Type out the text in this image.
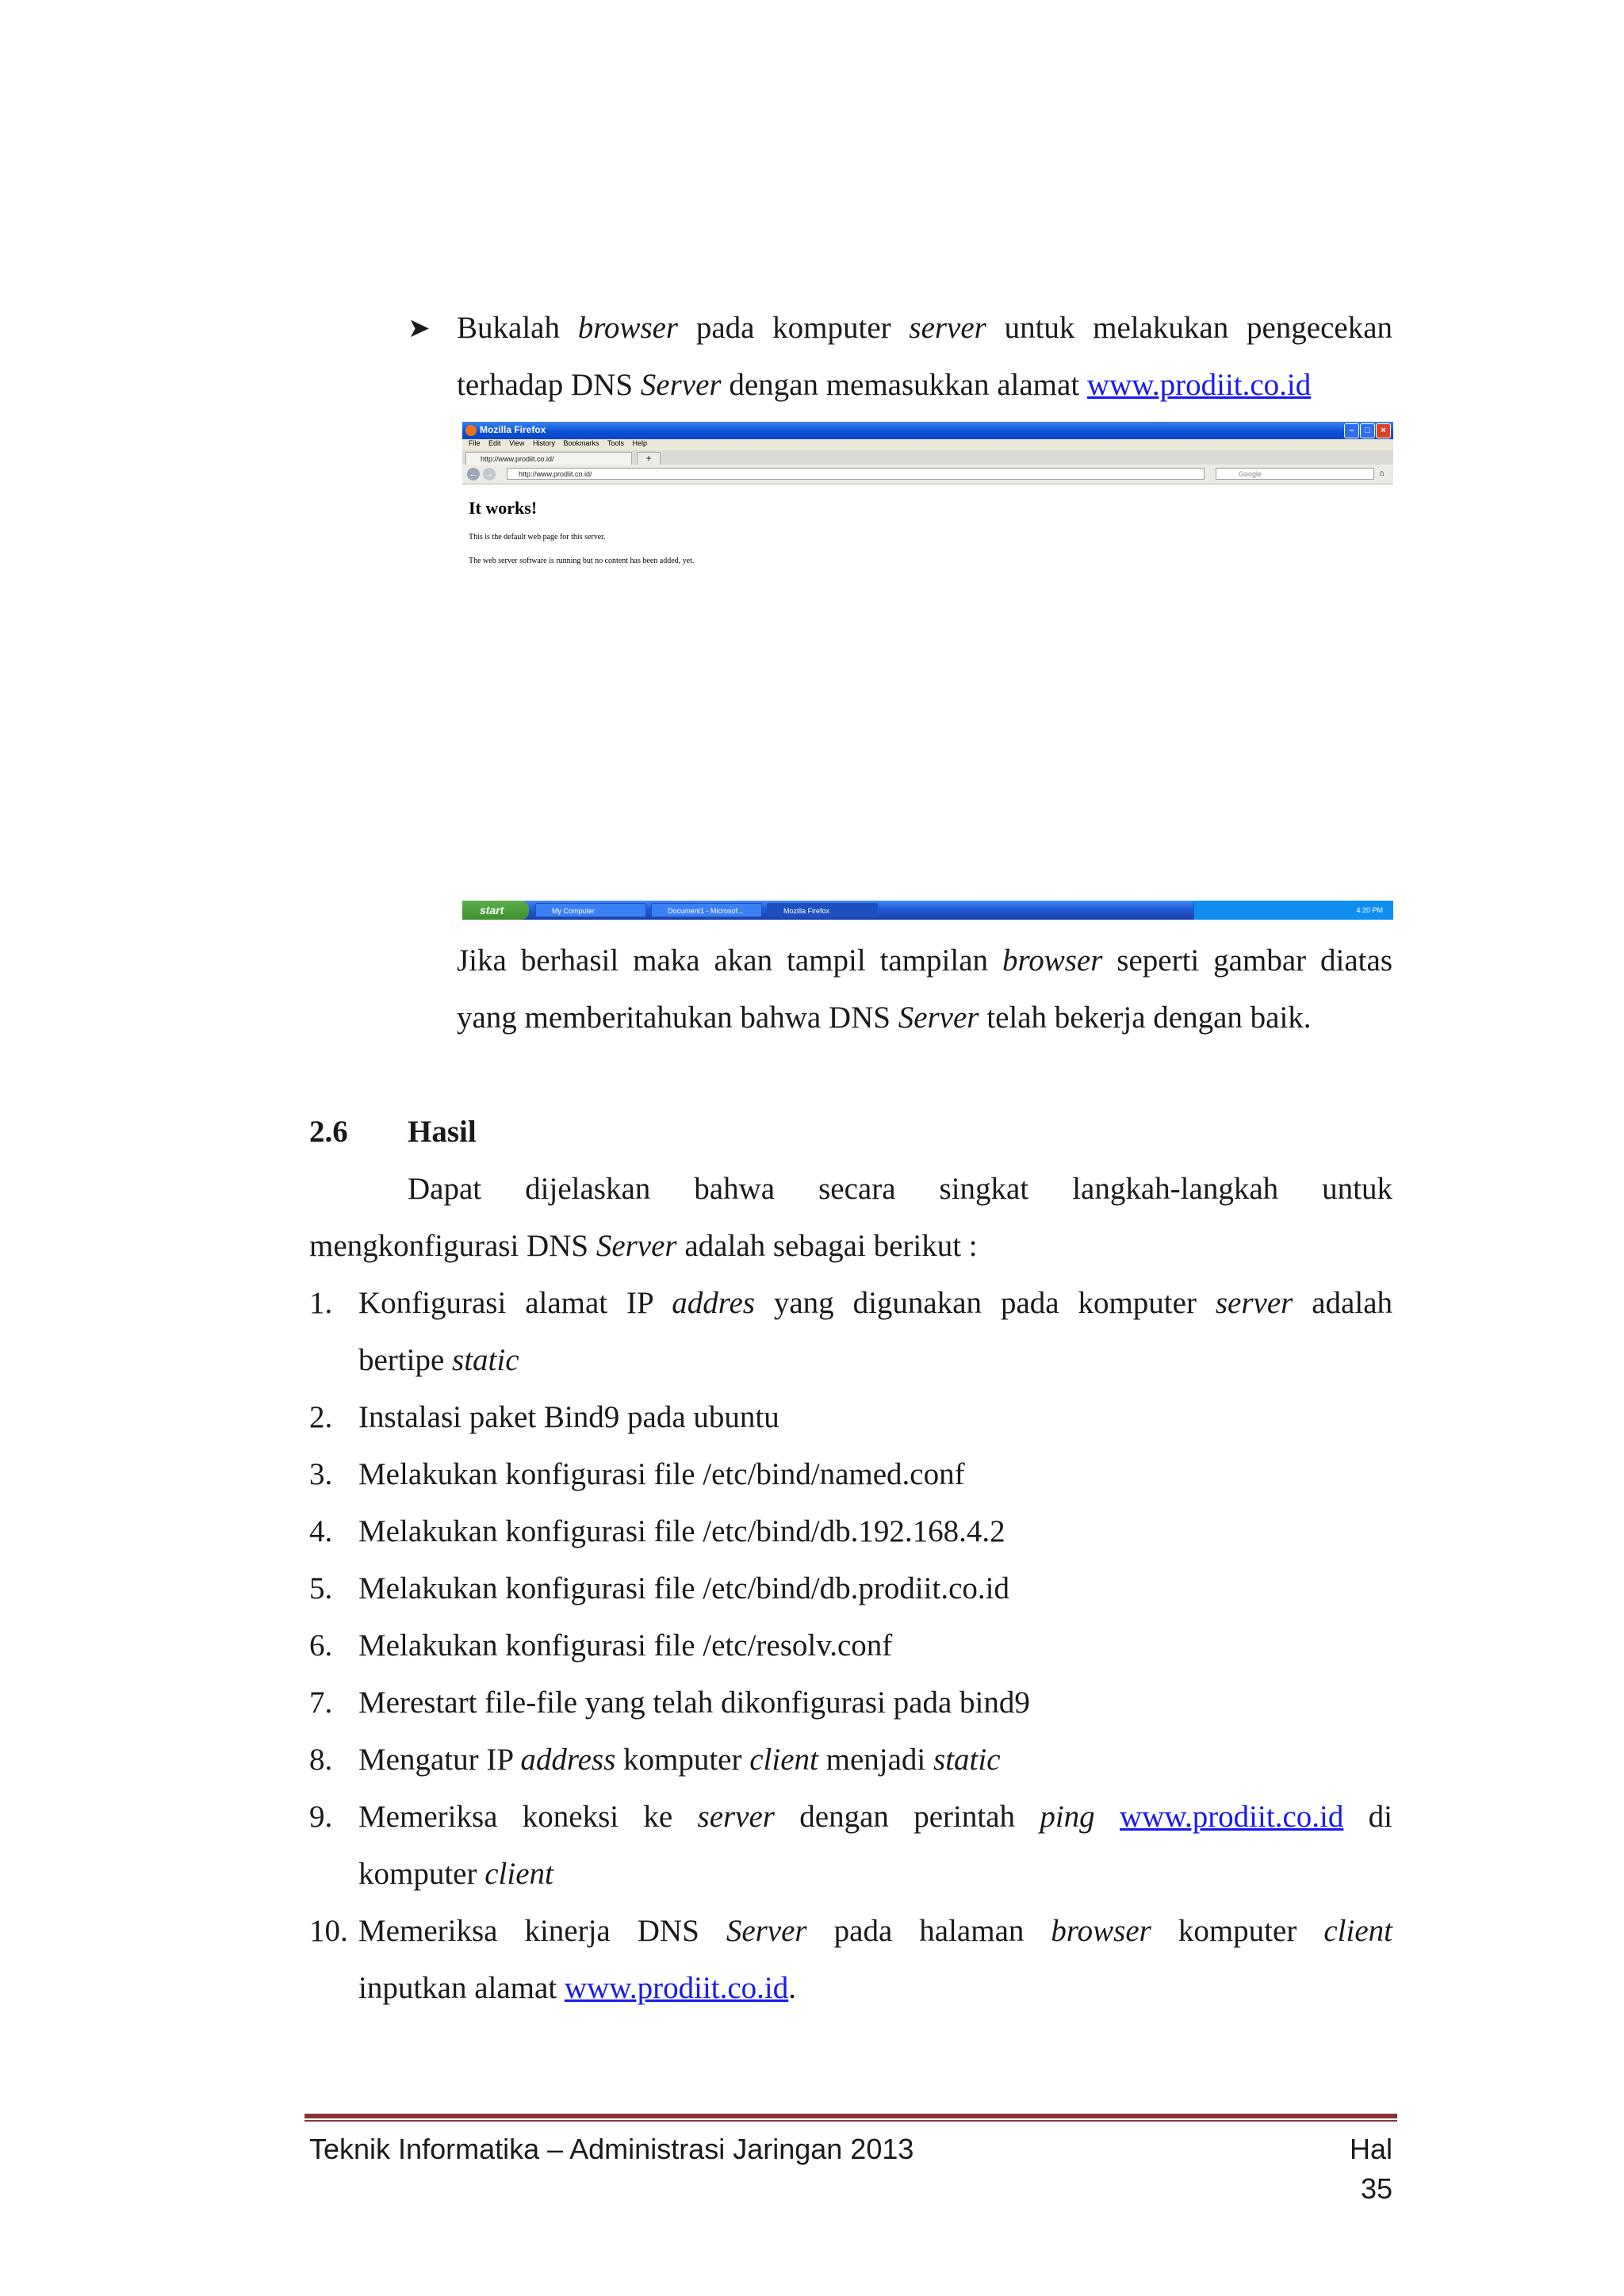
➤ Bukalah browser pada komputer server untuk melakukan pengecekan
terhadap DNS Server dengan memasukkan alamat www.prodiit.co.id
Mozilla Firefox	–	□	×
File Edit View History Bookmarks Tools Help
http://www.prodiit.co.id/	+
← →	http://www.prodiit.co.id/	Google	⌂
It works!
This is the default web page for this server.
The web server software is running but no content has been added, yet.
start	My Computer	Document1 - Microsof...	Mozilla Firefox	4:20 PM
Jika berhasil maka akan tampil tampilan browser seperti gambar diatas
yang memberitahukan bahwa DNS Server telah bekerja dengan baik.
2.6 Hasil
Dapat dijelaskan bahwa secara singkat langkah-langkah untuk
mengkonfigurasi DNS Server adalah sebagai berikut :
1. Konfigurasi alamat IP addres yang digunakan pada komputer server adalah
bertipe static
2. Instalasi paket Bind9 pada ubuntu
3. Melakukan konfigurasi file /etc/bind/named.conf
4. Melakukan konfigurasi file /etc/bind/db.192.168.4.2
5. Melakukan konfigurasi file /etc/bind/db.prodiit.co.id
6. Melakukan konfigurasi file /etc/resolv.conf
7. Merestart file-file yang telah dikonfigurasi pada bind9
8. Mengatur IP address komputer client menjadi static
9. Memeriksa koneksi ke server dengan perintah ping www.prodiit.co.id di
komputer client
10. Memeriksa kinerja DNS Server pada halaman browser komputer client
inputkan alamat www.prodiit.co.id.
Teknik Informatika – Administrasi Jaringan 2013	Hal 35
